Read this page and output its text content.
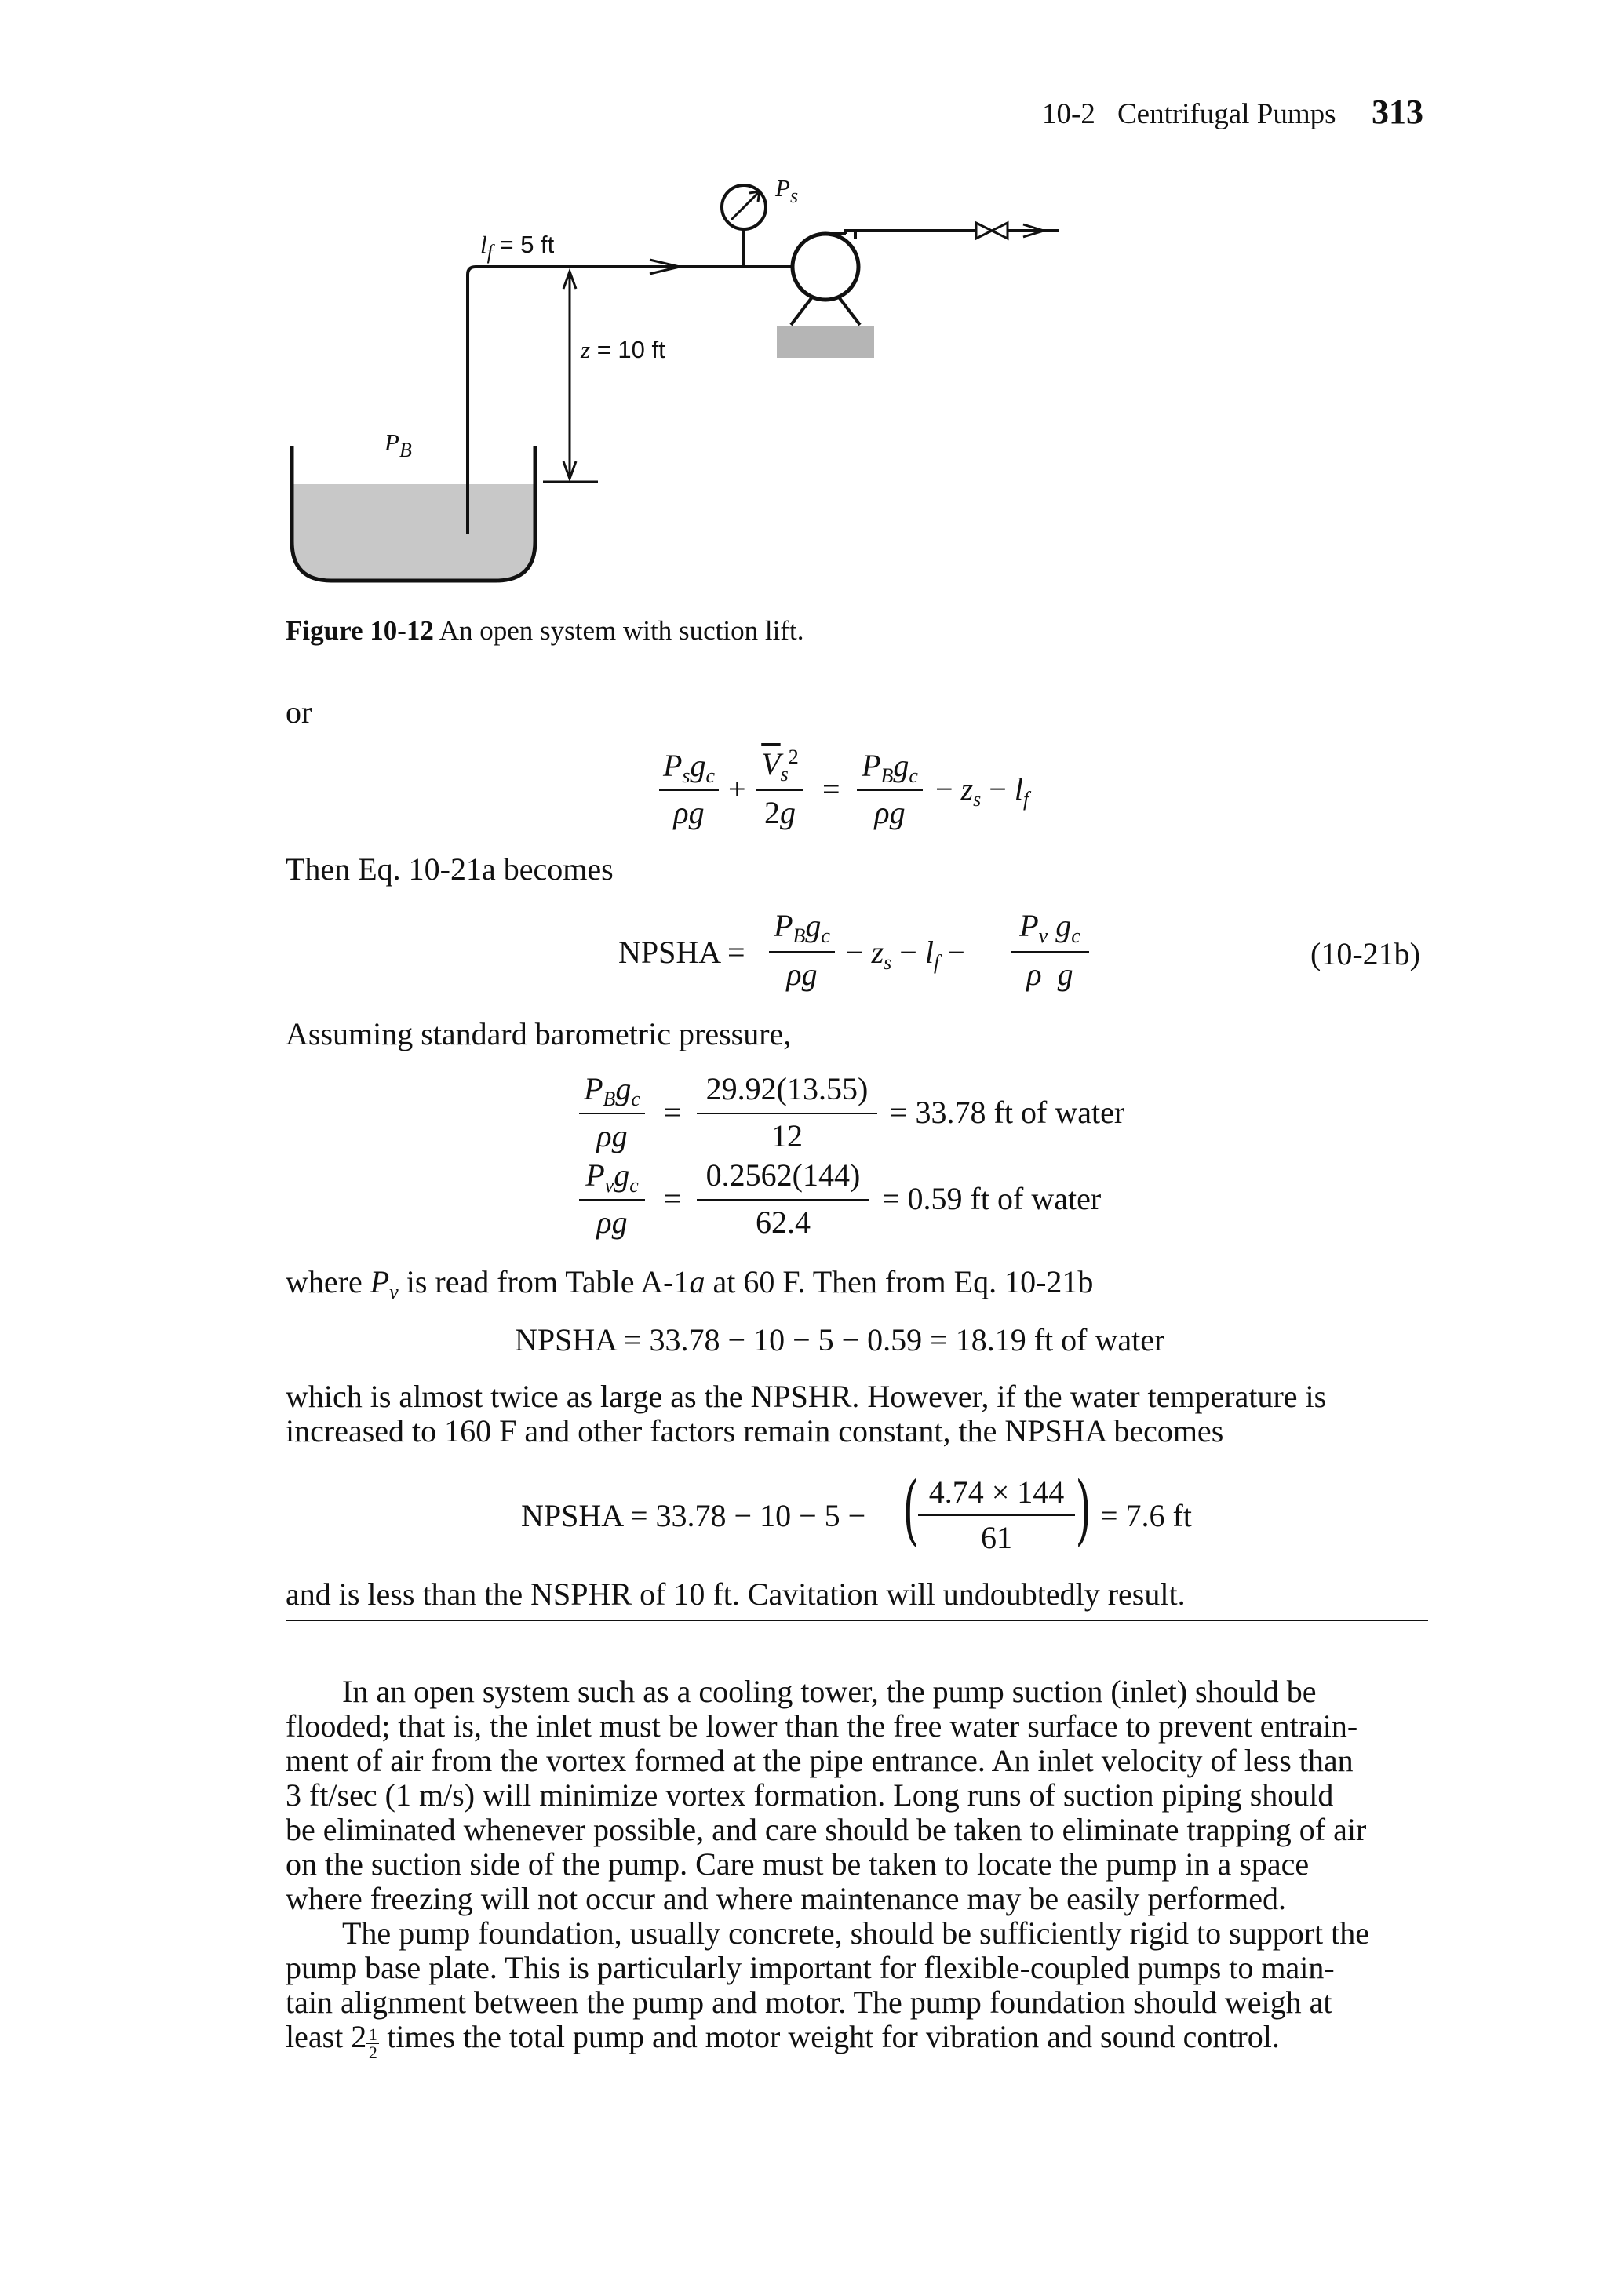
10-2 Centrifugal Pumps 313
$l_f = 5$ ft
z = 10 ft
$P_s$
$P_B$
Figure 10-12 An open system with suction lift.
or
$P_sg_c$
ρg
+
$\overline{V}_s^2$
2g
=
$P_Bg_c$
ρg
− $z_s - l_f$
Then Eq. 10-21a becomes
NPSHA =
$P_Bg_c$
ρg
− $z_s - l_f$ −
$P_v$ $g_c$
ρ g
(10-21b)
Assuming standard barometric pressure,
$P_Bg_c$
ρg
=
29.92(13.55)
12
= 33.78 ft of water
$P_vg_c$
ρg
=
0.2562(144)
62.4
= 0.59 ft of water
where $P_v$ is read from Table A-1a at 60 F. Then from Eq. 10-21b
NPSHA = 33.78 − 10 − 5 − 0.59 = 18.19 ft of water
which is almost twice as large as the NPSHR. However, if the water temperature is
increased to 160 F and other factors remain constant, the NPSHA becomes
NPSHA = 33.78 − 10 − 5 − ( 4.74 × 144
61 ) = 7.6 ft
and is less than the NSPHR of 10 ft. Cavitation will undoubtedly result.
In an open system such as a cooling tower, the pump suction (inlet) should be
flooded; that is, the inlet must be lower than the free water surface to prevent entrain-
ment of air from the vortex formed at the pipe entrance. An inlet velocity of less than
3 ft/sec (1 m/s) will minimize vortex formation. Long runs of suction piping should
be eliminated whenever possible, and care should be taken to eliminate trapping of air
on the suction side of the pump. Care must be taken to locate the pump in a space
where freezing will not occur and where maintenance may be easily performed.
The pump foundation, usually concrete, should be sufficiently rigid to support the
pump base plate. This is particularly important for flexible-coupled pumps to main-
tain alignment between the pump and motor. The pump foundation should weigh at
least $2 \frac{1}{2}$ times the total pump and motor weight for vibration and sound control.
